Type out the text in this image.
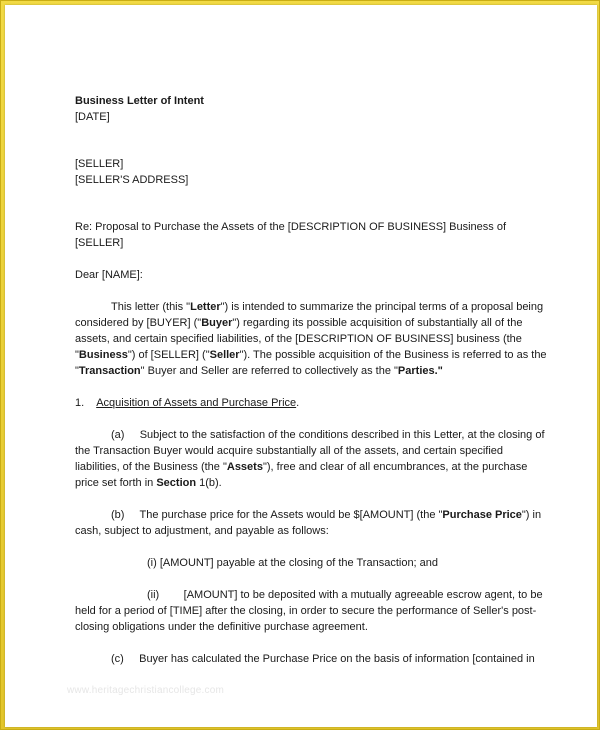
Business Letter of Intent
[DATE]
[SELLER]
[SELLER'S ADDRESS]
Re: Proposal to Purchase the Assets of the [DESCRIPTION OF BUSINESS] Business of
[SELLER]
Dear [NAME]:
This letter (this "Letter") is intended to summarize the principal terms of a proposal being
considered by [BUYER] ("Buyer") regarding its possible acquisition of substantially all of the
assets, and certain specified liabilities, of the [DESCRIPTION OF BUSINESS] business (the
"Business") of [SELLER] ("Seller"). The possible acquisition of the Business is referred to as the
"Transaction" Buyer and Seller are referred to collectively as the "Parties."
1. Acquisition of Assets and Purchase Price.
(a)     Subject to the satisfaction of the conditions described in this Letter, at the closing of
the Transaction Buyer would acquire substantially all of the assets, and certain specified
liabilities, of the Business (the "Assets"), free and clear of all encumbrances, at the purchase
price set forth in Section 1(b).
(b)     The purchase price for the Assets would be $[AMOUNT] (the "Purchase Price") in
cash, subject to adjustment, and payable as follows:
(i) [AMOUNT] payable at the closing of the Transaction; and
(ii)        [AMOUNT] to be deposited with a mutually agreeable escrow agent, to be
held for a period of [TIME] after the closing, in order to secure the performance of Seller's post-
closing obligations under the definitive purchase agreement.
(c)     Buyer has calculated the Purchase Price on the basis of information [contained in
www.heritagechristiancollege.com
